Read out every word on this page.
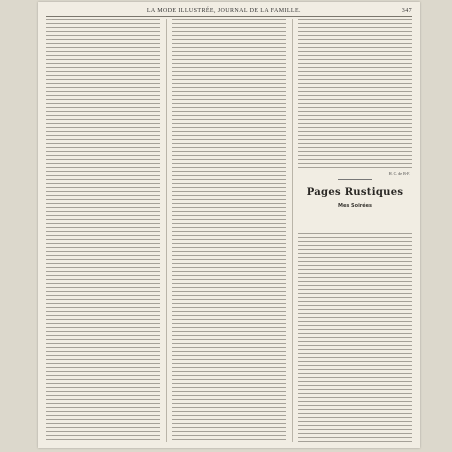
LA MODE ILLUSTRÉE, JOURNAL DE LA FAMILLE.	347
H. C. de B-F.
Pages Rustiques
Mes Soirées
